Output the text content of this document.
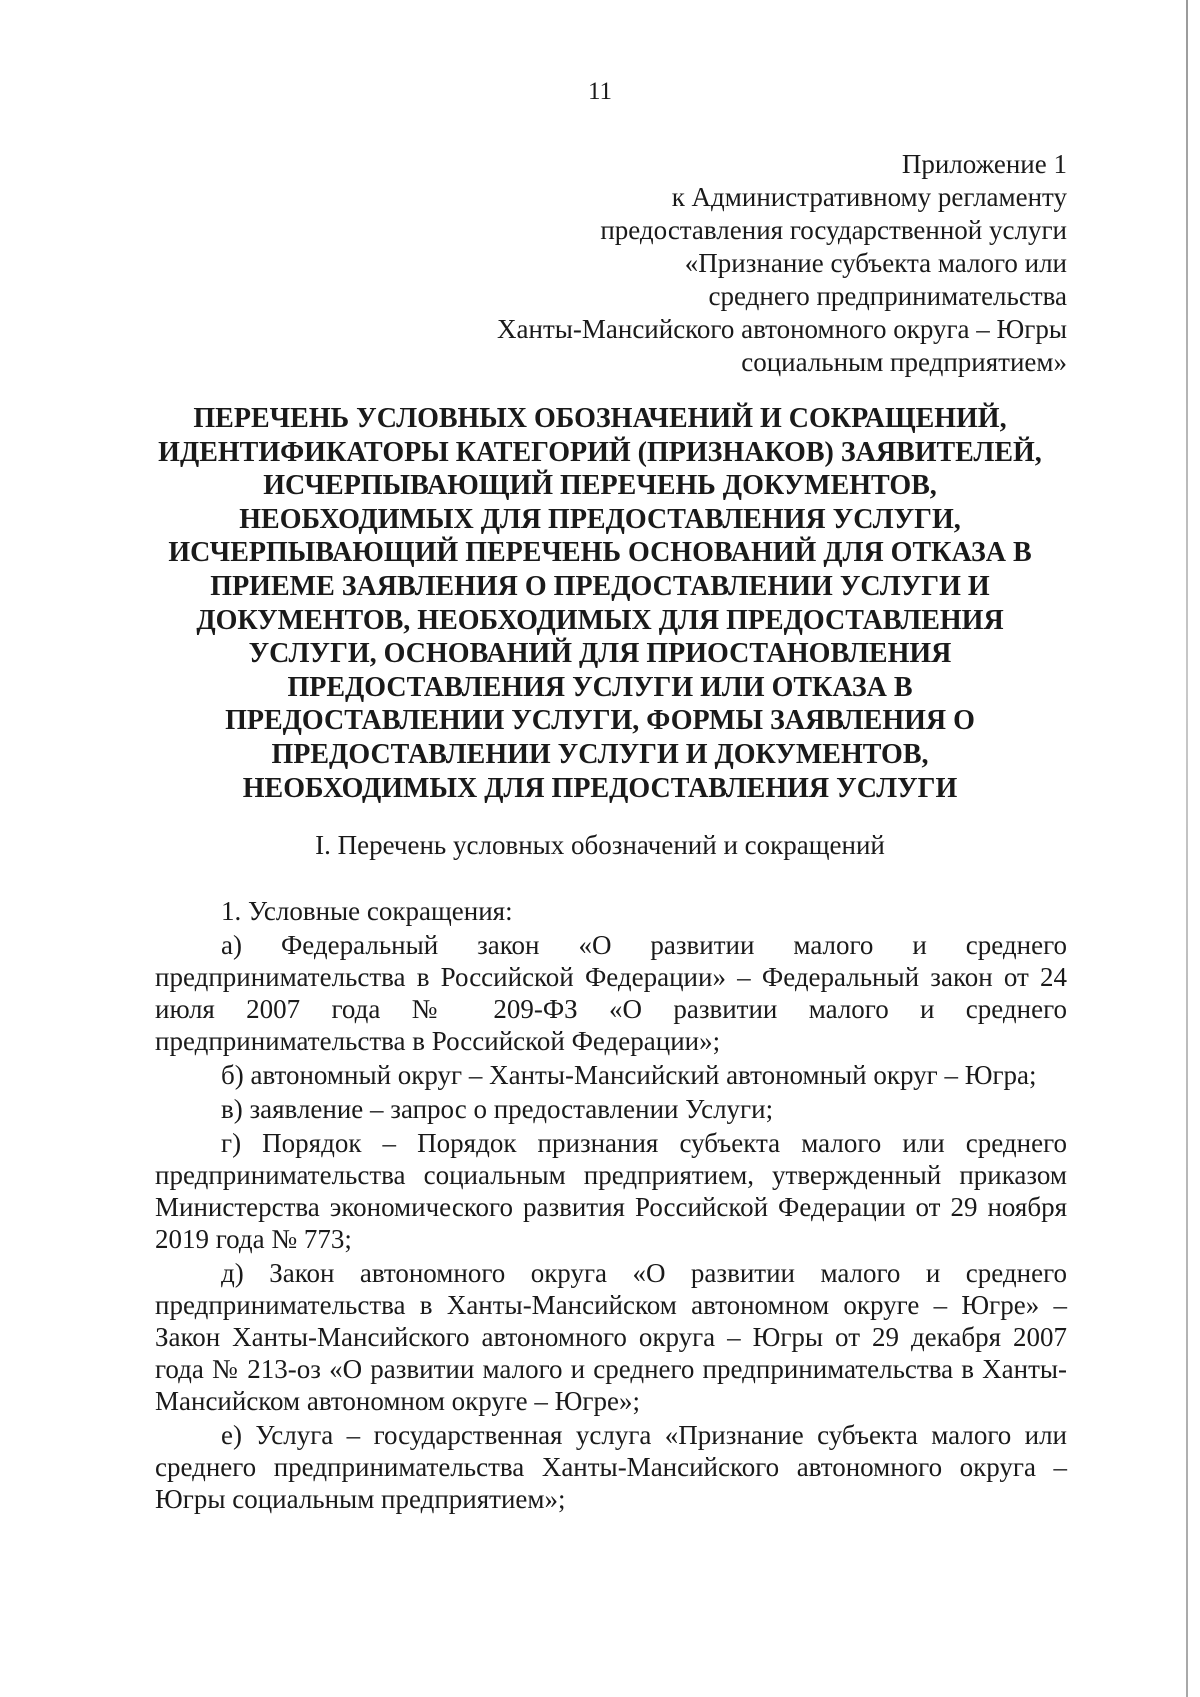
11
Приложение 1
к Административному регламенту
предоставления государственной услуги
«Признание субъекта малого или
среднего предпринимательства
Ханты-Мансийского автономного округа – Югры
социальным предприятием»
ПЕРЕЧЕНЬ УСЛОВНЫХ ОБОЗНАЧЕНИЙ И СОКРАЩЕНИЙ,
ИДЕНТИФИКАТОРЫ КАТЕГОРИЙ (ПРИЗНАКОВ) ЗАЯВИТЕЛЕЙ,
ИСЧЕРПЫВАЮЩИЙ ПЕРЕЧЕНЬ ДОКУМЕНТОВ,
НЕОБХОДИМЫХ ДЛЯ ПРЕДОСТАВЛЕНИЯ УСЛУГИ,
ИСЧЕРПЫВАЮЩИЙ ПЕРЕЧЕНЬ ОСНОВАНИЙ ДЛЯ ОТКАЗА В
ПРИЕМЕ ЗАЯВЛЕНИЯ О ПРЕДОСТАВЛЕНИИ УСЛУГИ И
ДОКУМЕНТОВ, НЕОБХОДИМЫХ ДЛЯ ПРЕДОСТАВЛЕНИЯ
УСЛУГИ, ОСНОВАНИЙ ДЛЯ ПРИОСТАНОВЛЕНИЯ
ПРЕДОСТАВЛЕНИЯ УСЛУГИ ИЛИ ОТКАЗА В
ПРЕДОСТАВЛЕНИИ УСЛУГИ, ФОРМЫ ЗАЯВЛЕНИЯ О
ПРЕДОСТАВЛЕНИИ УСЛУГИ И ДОКУМЕНТОВ,
НЕОБХОДИМЫХ ДЛЯ ПРЕДОСТАВЛЕНИЯ УСЛУГИ
I. Перечень условных обозначений и сокращений

1. Условные сокращения:

а) Федеральный закон «О развитии малого и среднего предпринимательства в Российской Федерации» – Федеральный закон от 24 июля 2007 года № 209-ФЗ «О развитии малого и среднего предпринимательства в Российской Федерации»;

б) автономный округ – Ханты-Мансийский автономный округ – Югра;

в) заявление – запрос о предоставлении Услуги;

г) Порядок – Порядок признания субъекта малого или среднего предпринимательства социальным предприятием, утвержденный приказом Министерства экономического развития Российской Федерации от 29 ноября 2019 года № 773;

д) Закон автономного округа «О развитии малого и среднего предпринимательства в Ханты-Мансийском автономном округе – Югре» – Закон Ханты-Мансийского автономного округа – Югры от 29 декабря 2007 года № 213-оз «О развитии малого и среднего предпринимательства в Ханты-Мансийском автономном округе – Югре»;

е) Услуга – государственная услуга «Признание субъекта малого или среднего предпринимательства Ханты-Мансийского автономного округа – Югры социальным предприятием»;
